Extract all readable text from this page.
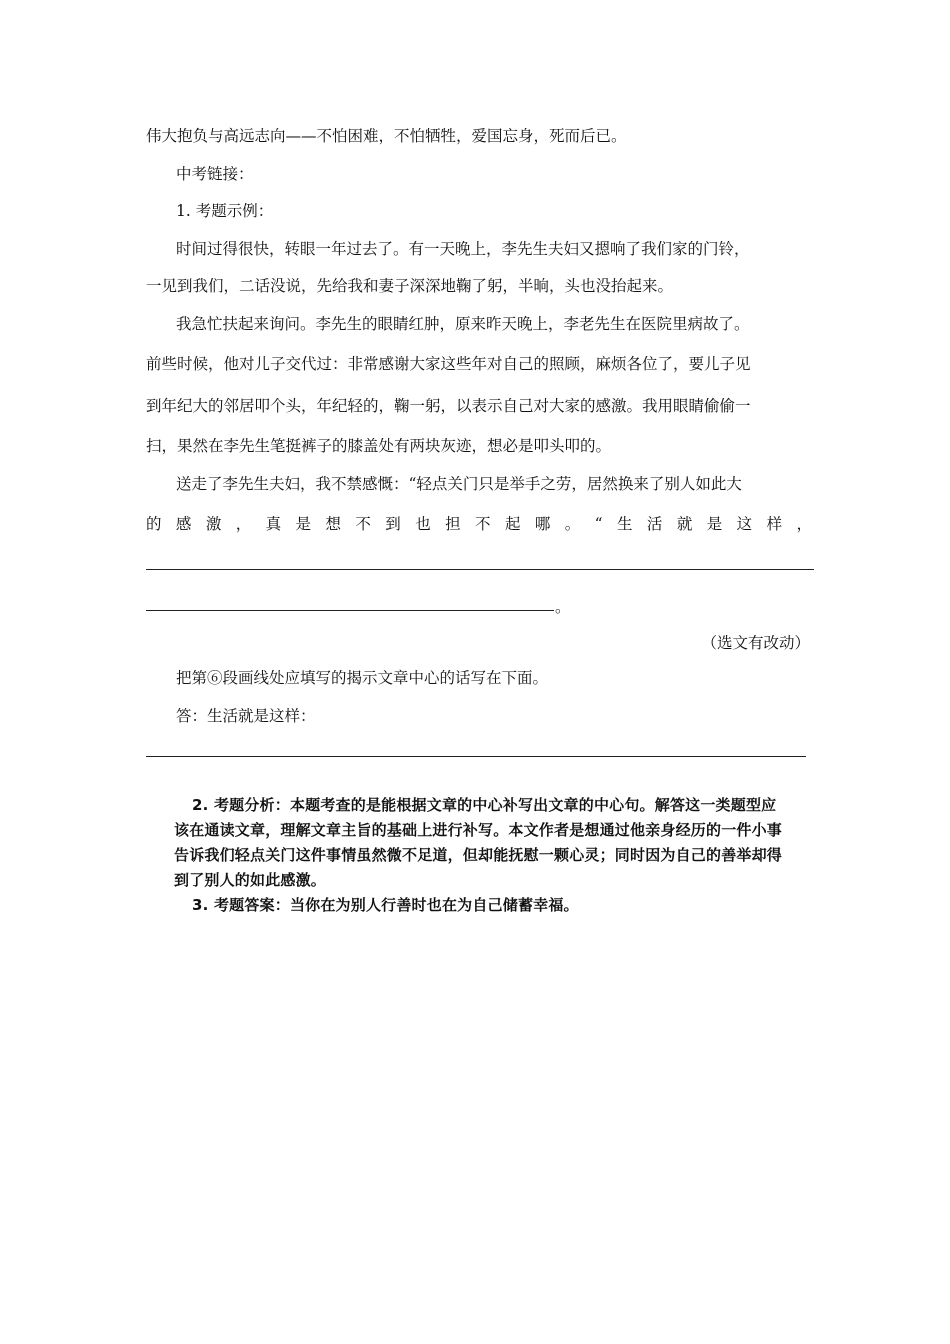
伟大抱负与高远志向——不怕困难，不怕牺牲，爱国忘身，死而后已。
中考链接：
1. 考题示例：
时间过得很快，转眼一年过去了。有一天晚上，李先生夫妇又摁响了我们家的门铃，
一见到我们，二话没说，先给我和妻子深深地鞠了躬，半晌，头也没抬起来。
我急忙扶起来询问。李先生的眼睛红肿，原来昨天晚上，李老先生在医院里病故了。
前些时候，他对儿子交代过：非常感谢大家这些年对自己的照顾，麻烦各位了，要儿子见
到年纪大的邻居叩个头，年纪轻的，鞠一躬，以表示自己对大家的感激。我用眼睛偷偷一
扫，果然在李先生笔挺裤子的膝盖处有两块灰迹，想必是叩头叩的。
送走了李先生夫妇，我不禁感慨：“轻点关门只是举手之劳，居然换来了别人如此大
的感激，真是想不到也担不起哪。“生活就是这样，
。
（选文有改动）
把第⑥段画线处应填写的揭示文章中心的话写在下面。
答：生活就是这样：
2. 考题分析：本题考查的是能根据文章的中心补写出文章的中心句。解答这一类题型应
该在通读文章，理解文章主旨的基础上进行补写。本文作者是想通过他亲身经历的一件小事
告诉我们轻点关门这件事情虽然微不足道，但却能抚慰一颗心灵；同时因为自己的善举却得
到了别人的如此感激。
3. 考题答案：当你在为别人行善时也在为自己储蓄幸福。
